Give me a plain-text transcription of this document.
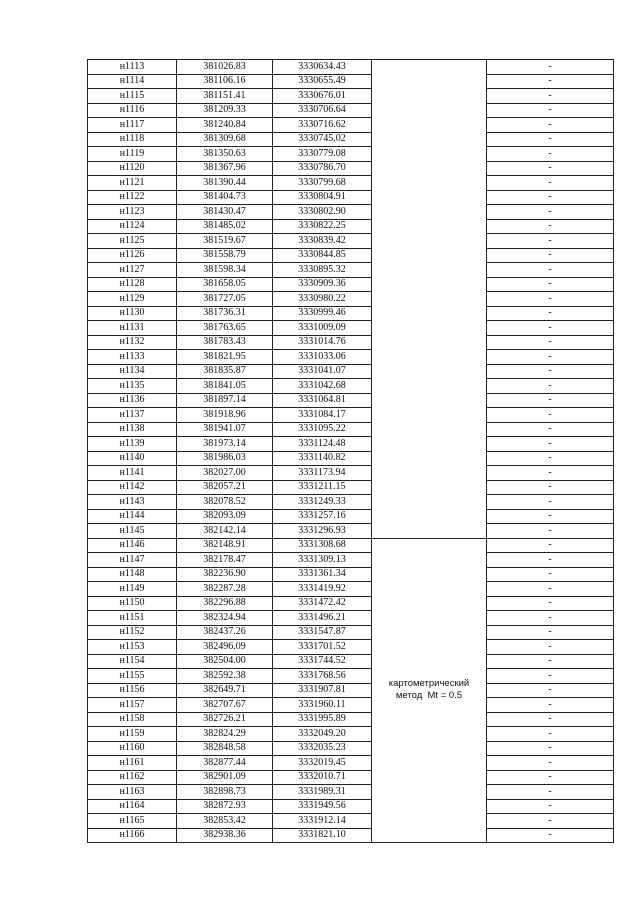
н1113	381026.83	3330634.43		-
н1114	381106.16	3330655.49		-
н1115	381151.41	3330676.01		-
н1116	381209.33	3330706.64		-
н1117	381240.84	3330716.62		-
н1118	381309.68	3330745.02		-
н1119	381350.63	3330779.08		-
н1120	381367.96	3330786.70		-
н1121	381390.44	3330799.68		-
н1122	381404.73	3330804.91		-
н1123	381430.47	3330802.90		-
н1124	381485.02	3330822.25		-
н1125	381519.67	3330839.42		-
н1126	381558.79	3330844.85		-
н1127	381598.34	3330895.32		-
н1128	381658.05	3330909.36		-
н1129	381727.05	3330980.22		-
н1130	381736.31	3330999.46		-
н1131	381763.65	3331009.09		-
н1132	381783.43	3331014.76		-
н1133	381821.95	3331033.06		-
н1134	381835.87	3331041.07		-
н1135	381841.05	3331042.68		-
н1136	381897.14	3331064.81		-
н1137	381918.96	3331084.17		-
н1138	381941.07	3331095.22		-
н1139	381973.14	3331124.48		-
н1140	381986.03	3331140.82		-
н1141	382027.00	3331173.94		-
н1142	382057.21	3331211.15		-
н1143	382078.52	3331249.33		-
н1144	382093.09	3331257.16		-
н1145	382142.14	3331296.93		-
н1146	382148.91	3331308.68	картометрический
метод  Mt = 0.5	-
н1147	382178.47	3331309.13		-
н1148	382236.90	3331361.34		-
н1149	382287.28	3331419.92		-
н1150	382296.88	3331472.42		-
н1151	382324.94	3331496.21		-
н1152	382437.26	3331547.87		-
н1153	382496.09	3331701.52		-
н1154	382504.00	3331744.52		-
н1155	382592.38	3331768.56		-
н1156	382649.71	3331907.81		-
н1157	382707.67	3331960.11		-
н1158	382726.21	3331995.89		-
н1159	382824.29	3332049.20		-
н1160	382848.58	3332035.23		-
н1161	382877.44	3332019.45		-
н1162	382901.09	3332010.71		-
н1163	382898.73	3331989.31		-
н1164	382872.93	3331949.56		-
н1165	382853.42	3331912.14		-
н1166	382938.36	3331821.10		-
